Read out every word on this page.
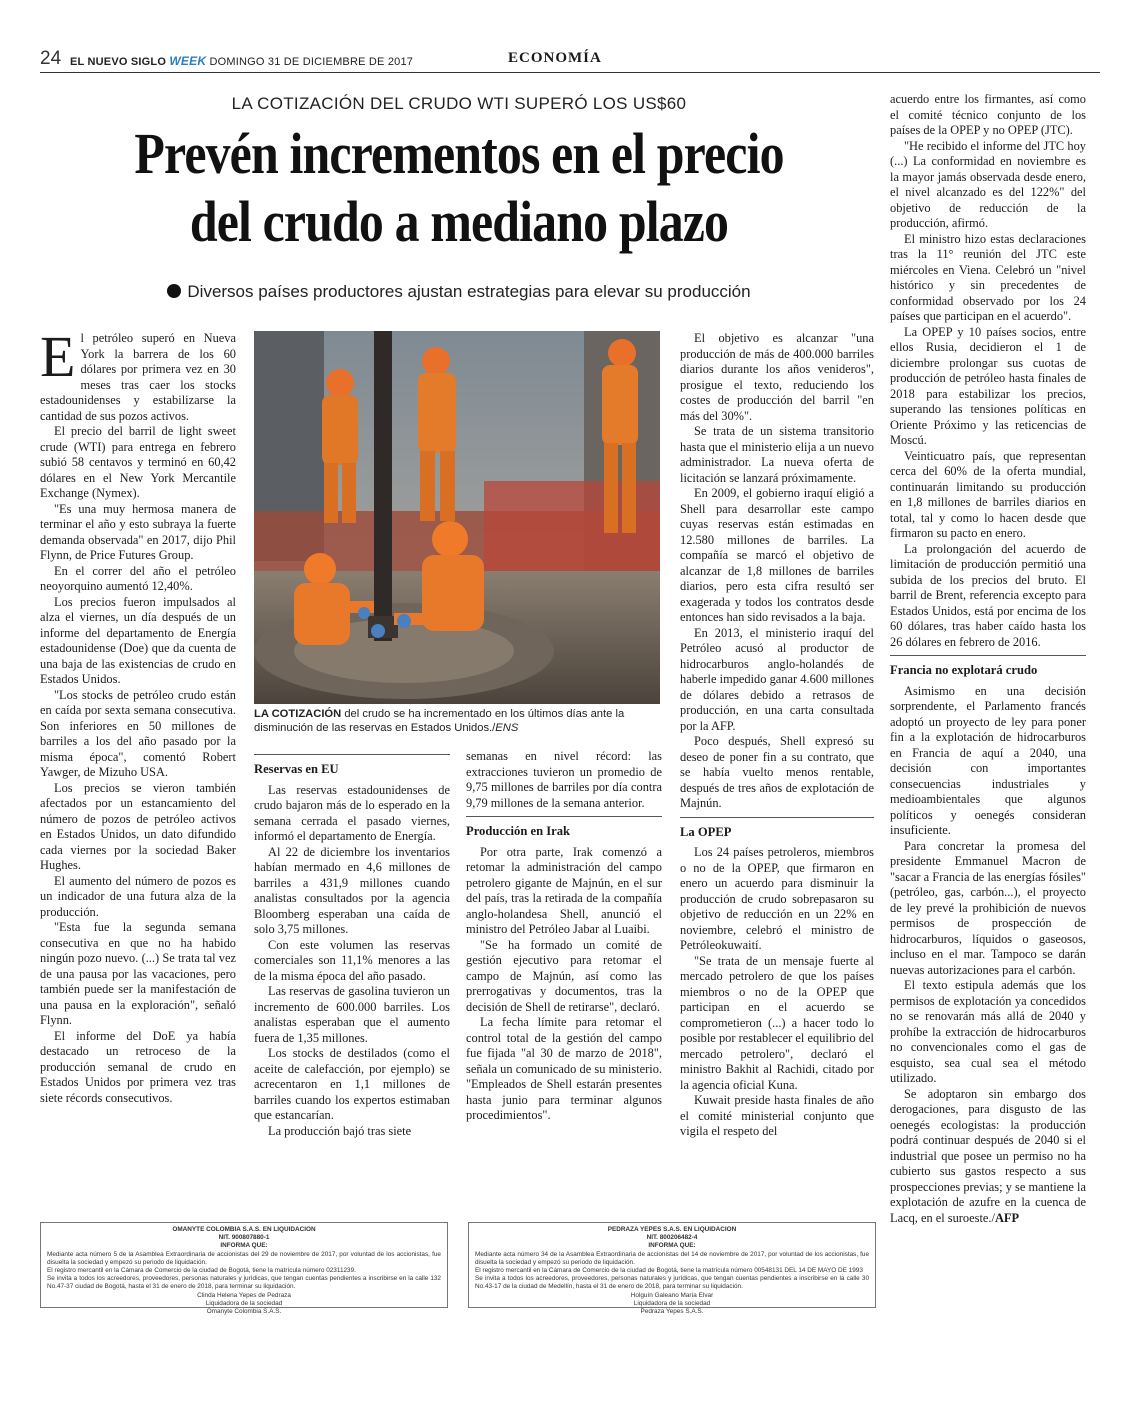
24 EL NUEVO SIGLO WEEK DOMINGO 31 DE DICIEMBRE DE 2017	ECONOMÍA
LA COTIZACIÓN DEL CRUDO WTI SUPERÓ LOS US$60
Prevén incrementos en el precio
del crudo a mediano plazo
Diversos países productores ajustan estrategias para elevar su producción

El petróleo superó en Nueva York la barrera de los 60 dólares por primera vez en 30 meses tras caer los stocks estadounidenses y estabilizarse la cantidad de sus pozos activos.

El precio del barril de light sweet crude (WTI) para entrega en febrero subió 58 centavos y terminó en 60,42 dólares en el New York Mercantile Exchange (Nymex).

"Es una muy hermosa manera de terminar el año y esto subraya la fuerte demanda observada" en 2017, dijo Phil Flynn, de Price Futures Group.

En el correr del año el petróleo neoyorquino aumentó 12,40%.

Los precios fueron impulsados al alza el viernes, un día después de un informe del departamento de Energía estadounidense (Doe) que da cuenta de una baja de las existencias de crudo en Estados Unidos.

"Los stocks de petróleo crudo están en caída por sexta semana consecutiva. Son inferiores en 50 millones de barriles a los del año pasado por la misma época", comentó Robert Yawger, de Mizuho USA.

Los precios se vieron también afectados por un estancamiento del número de pozos de petróleo activos en Estados Unidos, un dato difundido cada viernes por la sociedad Baker Hughes.

El aumento del número de pozos es un indicador de una futura alza de la producción.

"Esta fue la segunda semana consecutiva en que no ha habido ningún pozo nuevo. (...) Se trata tal vez de una pausa por las vacaciones, pero también puede ser la manifestación de una pausa en la exploración", señaló Flynn.

El informe del DoE ya había destacado un retroceso de la producción semanal de crudo en Estados Unidos por primera vez tras siete récords consecutivos.

LA COTIZACIÓN del crudo se ha incrementado en los últimos días ante la disminución de las reservas en Estados Unidos./ENS
Reservas en EU

Las reservas estadounidenses de crudo bajaron más de lo esperado en la semana cerrada el pasado viernes, informó el departamento de Energía.

Al 22 de diciembre los inventarios habían mermado en 4,6 millones de barriles a 431,9 millones cuando analistas consultados por la agencia Bloomberg esperaban una caída de solo 3,75 millones.

Con este volumen las reservas comerciales son 11,1% menores a las de la misma época del año pasado.

Las reservas de gasolina tuvieron un incremento de 600.000 barriles. Los analistas esperaban que el aumento fuera de 1,35 millones.

Los stocks de destilados (como el aceite de calefacción, por ejemplo) se acrecentaron en 1,1 millones de barriles cuando los expertos estimaban que estancarían.

La producción bajó tras siete

semanas en nivel récord: las extracciones tuvieron un promedio de 9,75 millones de barriles por día contra 9,79 millones de la semana anterior.

Producción en Irak

Por otra parte, Irak comenzó a retomar la administración del campo petrolero gigante de Majnún, en el sur del país, tras la retirada de la compañía anglo-holandesa Shell, anunció el ministro del Petróleo Jabar al Luaibi.

"Se ha formado un comité de gestión ejecutivo para retomar el campo de Majnún, así como las prerrogativas y documentos, tras la decisión de Shell de retirarse", declaró.

La fecha límite para retomar el control total de la gestión del campo fue fijada "al 30 de marzo de 2018", señala un comunicado de su ministerio. "Empleados de Shell estarán presentes hasta junio para terminar algunos procedimientos".

El objetivo es alcanzar "una producción de más de 400.000 barriles diarios durante los años venideros", prosigue el texto, reduciendo los costes de producción del barril "en más del 30%".

Se trata de un sistema transitorio hasta que el ministerio elija a un nuevo administrador. La nueva oferta de licitación se lanzará próximamente.

En 2009, el gobierno iraquí eligió a Shell para desarrollar este campo cuyas reservas están estimadas en 12.580 millones de barriles. La compañía se marcó el objetivo de alcanzar de 1,8 millones de barriles diarios, pero esta cifra resultó ser exagerada y todos los contratos desde entonces han sido revisados a la baja.

En 2013, el ministerio iraquí del Petróleo acusó al productor de hidrocarburos anglo-holandés de haberle impedido ganar 4.600 millones de dólares debido a retrasos de producción, en una carta consultada por la AFP.

Poco después, Shell expresó su deseo de poner fin a su contrato, que se había vuelto menos rentable, después de tres años de explotación de Majnún.

La OPEP

Los 24 países petroleros, miembros o no de la OPEP, que firmaron en enero un acuerdo para disminuir la producción de crudo sobrepasaron su objetivo de reducción en un 22% en noviembre, celebró el ministro de Petróleokuwaití.

"Se trata de un mensaje fuerte al mercado petrolero de que los países miembros o no de la OPEP que participan en el acuerdo se comprometieron (...) a hacer todo lo posible por restablecer el equilibrio del mercado petrolero", declaró el ministro Bakhit al Rachidi, citado por la agencia oficial Kuna.

Kuwait preside hasta finales de año el comité ministerial conjunto que vigila el respeto del

acuerdo entre los firmantes, así como el comité técnico conjunto de los países de la OPEP y no OPEP (JTC).

"He recibido el informe del JTC hoy (...) La conformidad en noviembre es la mayor jamás observada desde enero, el nivel alcanzado es del 122%" del objetivo de reducción de la producción, afirmó.

El ministro hizo estas declaraciones tras la 11° reunión del JTC este miércoles en Viena. Celebró un "nivel histórico y sin precedentes de conformidad observado por los 24 países que participan en el acuerdo".

La OPEP y 10 países socios, entre ellos Rusia, decidieron el 1 de diciembre prolongar sus cuotas de producción de petróleo hasta finales de 2018 para estabilizar los precios, superando las tensiones políticas en Oriente Próximo y las reticencias de Moscú.

Veinticuatro país, que representan cerca del 60% de la oferta mundial, continuarán limitando su producción en 1,8 millones de barriles diarios en total, tal y como lo hacen desde que firmaron su pacto en enero.

La prolongación del acuerdo de limitación de producción permitió una subida de los precios del bruto. El barril de Brent, referencia excepto para Estados Unidos, está por encima de los 60 dólares, tras haber caído hasta los 26 dólares en febrero de 2016.

Francia no explotará crudo

Asimismo en una decisión sorprendente, el Parlamento francés adoptó un proyecto de ley para poner fin a la explotación de hidrocarburos en Francia de aquí a 2040, una decisión con importantes consecuencias industriales y medioambientales que algunos políticos y oenegés consideran insuficiente.

Para concretar la promesa del presidente Emmanuel Macron de "sacar a Francia de las energías fósiles" (petróleo, gas, carbón...), el proyecto de ley prevé la prohibición de nuevos permisos de prospección de hidrocarburos, líquidos o gaseosos, incluso en el mar. Tampoco se darán nuevas autorizaciones para el carbón.

El texto estipula además que los permisos de explotación ya concedidos no se renovarán más allá de 2040 y prohíbe la extracción de hidrocarburos no convencionales como el gas de esquisto, sea cual sea el método utilizado.

Se adoptaron sin embargo dos derogaciones, para disgusto de las oenegés ecologistas: la producción podrá continuar después de 2040 si el industrial que posee un permiso no ha cubierto sus gastos respecto a sus prospecciones previas; y se mantiene la explotación de azufre en la cuenca de Lacq, en el suroeste./AFP

OMANYTE COLOMBIA S.A.S. EN LIQUIDACION
NIT. 900807880-1
INFORMA QUE:
Mediante acta número 5 de la Asamblea Extraordinaria de accionistas del 29 de noviembre de 2017, por voluntad de los accionistas, fue disuelta la sociedad y empezó su periodo de liquidación.
El registro mercantil en la Cámara de Comercio de la ciudad de Bogotá, tiene la matrícula número 02311239.
Se invita a todos los acreedores, proveedores, personas naturales y jurídicas, que tengan cuentas pendientes a inscribirse en la calle 132 No.47-37 ciudad de Bogotá, hasta el 31 de enero de 2018, para terminar su liquidación.
Clinda Helena Yepes de Pedraza
Liquidadora de la sociedad
Omanyte Colombia S.A.S.
PEDRAZA YEPES S.A.S. EN LIQUIDACION
NIT. 800206482-4
INFORMA QUE:
Mediante acta número 34 de la Asamblea Extraordinaria de accionistas del 14 de noviembre de 2017, por voluntad de los accionistas, fue disuelta la sociedad y empezó su periodo de liquidación.
El registro mercantil en la Cámara de Comercio de la ciudad de Bogotá, tiene la matrícula número 00548131 DEL 14 DE MAYO DE 1993
Se invita a todos los acreedores, proveedores, personas naturales y jurídicas, que tengan cuentas pendientes a inscribirse en la calle 30 No.43-17 de la ciudad de Medellín, hasta el 31 de enero de 2018, para terminar su liquidación.
Holguín Galeano María Elvar
Liquidadora de la sociedad
Pedraza Yepes S.A.S.
